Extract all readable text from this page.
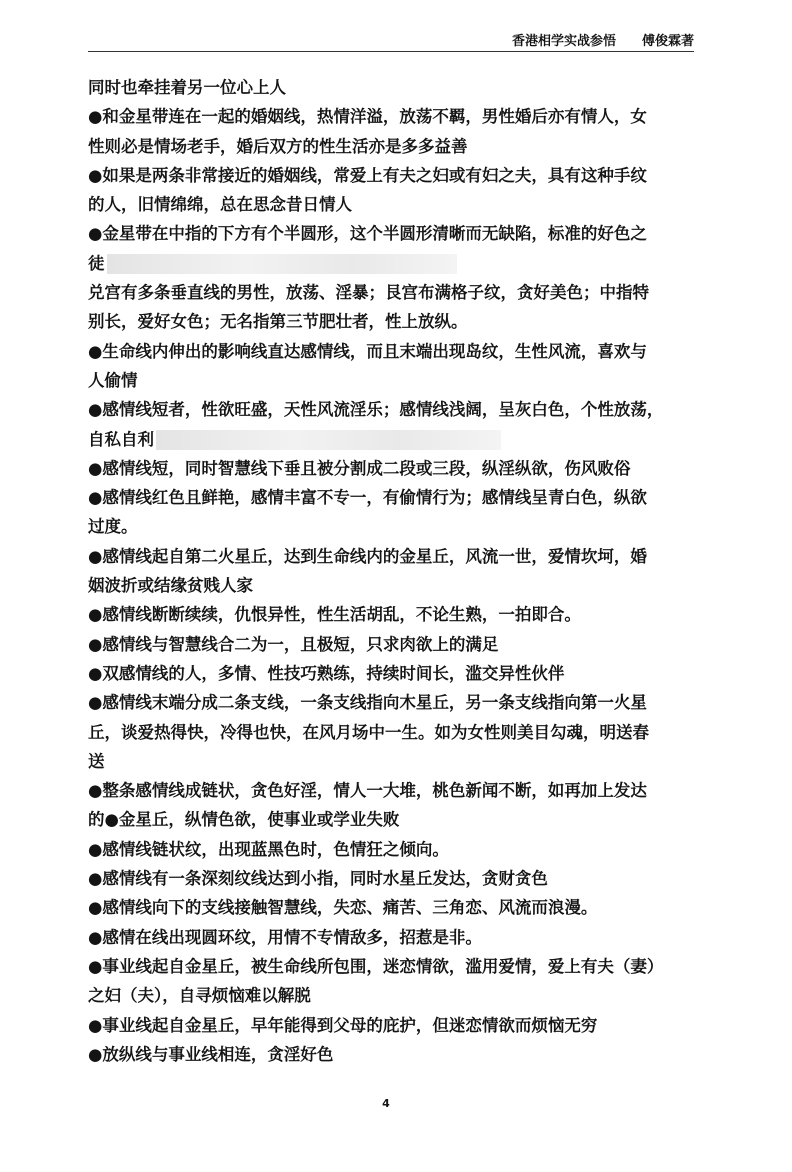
香港相学实战参悟 傅俊霖著
同时也牵挂着另一位心上人
●和金星带连在一起的婚姻线，热情洋溢，放荡不羁，男性婚后亦有情人，女
性则必是情场老手，婚后双方的性生活亦是多多益善
●如果是两条非常接近的婚姻线，常爱上有夫之妇或有妇之夫，具有这种手纹
的人，旧情绵绵，总在思念昔日情人
●金星带在中指的下方有个半圆形，这个半圆形清晰而无缺陷，标准的好色之
徒
兑宫有多条垂直线的男性，放荡、淫暴；艮宫布满格子纹，贪好美色；中指特
别长，爱好女色；无名指第三节肥壮者，性上放纵。
●生命线内伸出的影响线直达感情线，而且末端出现岛纹，生性风流，喜欢与
人偷情
●感情线短者，性欲旺盛，天性风流淫乐；感情线浅阔，呈灰白色，个性放荡，
自私自利
●感情线短，同时智慧线下垂且被分割成二段或三段，纵淫纵欲，伤风败俗
●感情线红色且鲜艳，感情丰富不专一，有偷情行为；感情线呈青白色，纵欲
过度。
●感情线起自第二火星丘，达到生命线内的金星丘，风流一世，爱情坎坷，婚
姻波折或结缘贫贱人家
●感情线断断续续，仇恨异性，性生活胡乱，不论生熟，一拍即合。
●感情线与智慧线合二为一，且极短，只求肉欲上的满足
●双感情线的人，多情、性技巧熟练，持续时间长，滥交异性伙伴
●感情线末端分成二条支线，一条支线指向木星丘，另一条支线指向第一火星
丘，谈爱热得快，冷得也快，在风月场中一生。如为女性则美目勾魂，明送春
送
●整条感情线成链状，贪色好淫，情人一大堆，桃色新闻不断，如再加上发达
的●金星丘，纵情色欲，使事业或学业失败
●感情线链状纹，出现蓝黑色时，色情狂之倾向。
●感情线有一条深刻纹线达到小指，同时水星丘发达，贪财贪色
●感情线向下的支线接触智慧线，失恋、痛苦、三角恋、风流而浪漫。
●感情在线出现圆环纹，用情不专情敌多，招惹是非。
●事业线起自金星丘，被生命线所包围，迷恋情欲，滥用爱情，爱上有夫（妻）
之妇（夫），自寻烦恼难以解脱
●事业线起自金星丘，早年能得到父母的庇护，但迷恋情欲而烦恼无穷
●放纵线与事业线相连，贪淫好色
4
